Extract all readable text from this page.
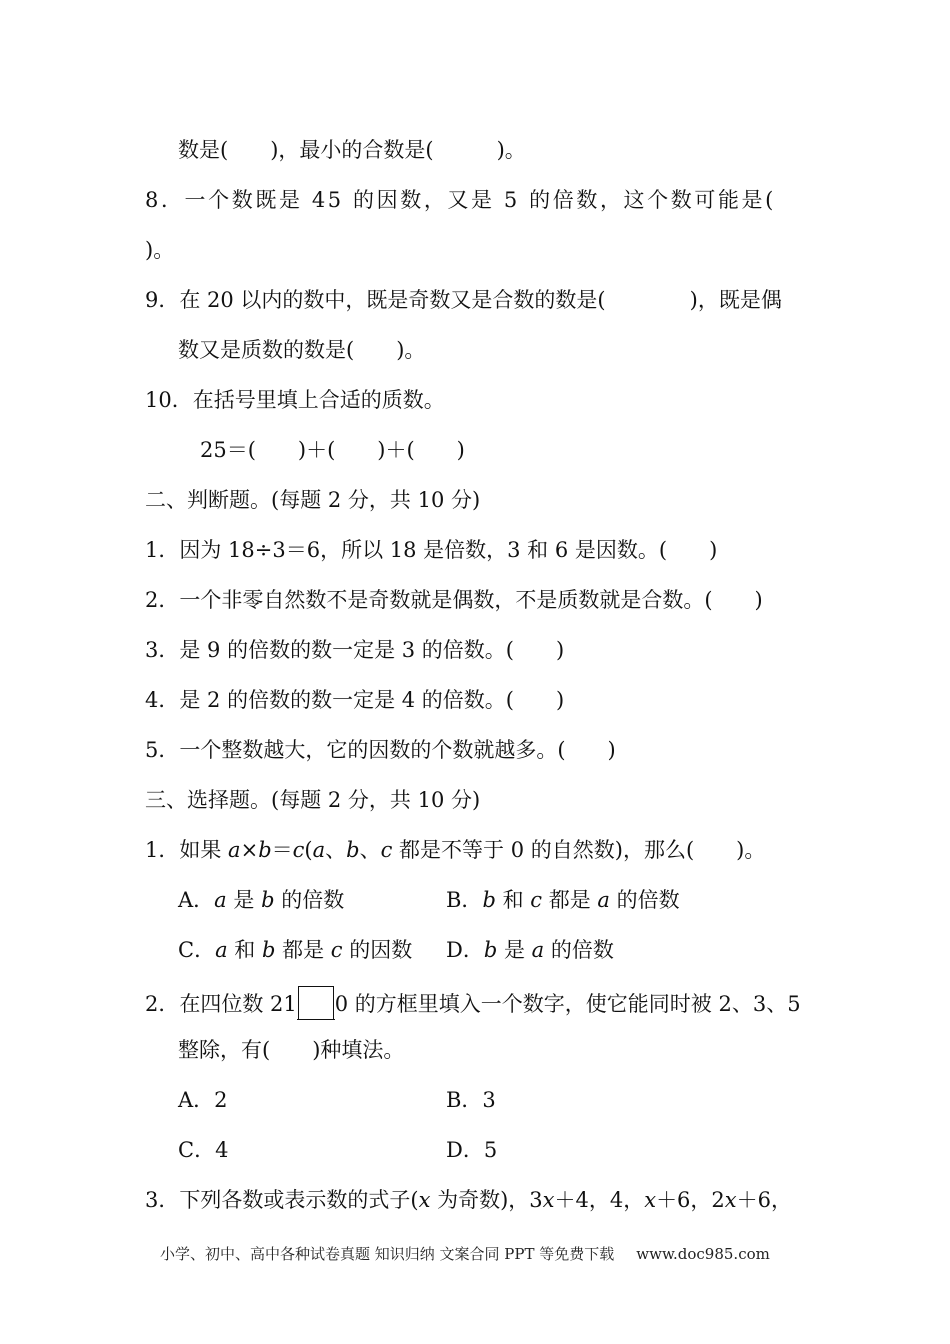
数是(　　)，最小的合数是(　　　)。
8．一个数既是 45 的因数，又是 5 的倍数，这个数可能是(
)。
9．在 20 以内的数中，既是奇数又是合数的数是(　　　　)，既是偶
数又是质数的数是(　　)。
10．在括号里填上合适的质数。
25＝(　　)＋(　　)＋(　　)
二、判断题。(每题 2 分，共 10 分)
1．因为 18÷3＝6，所以 18 是倍数，3 和 6 是因数。(　　)
2．一个非零自然数不是奇数就是偶数，不是质数就是合数。(　　)
3．是 9 的倍数的数一定是 3 的倍数。(　　)
4．是 2 的倍数的数一定是 4 的倍数。(　　)
5．一个整数越大，它的因数的个数就越多。(　　)
三、选择题。(每题 2 分，共 10 分)
1．如果 a×b＝c(a、b、c 都是不等于 0 的自然数)，那么(　　)。
A．a 是 b 的倍数	B．b 和 c 都是 a 的倍数
C．a 和 b 都是 c 的因数 D．b 是 a 的倍数
2．在四位数 21 0 的方框里填入一个数字，使它能同时被 2、3、5
整除，有(　　)种填法。
A．2	B．3
C．4	D．5
3．下列各数或表示数的式子(x 为奇数)，3x＋4，4，x＋6，2x＋6，
小学、初中、高中各种试卷真题 知识归纳 文案合同 PPT 等免费下载 www.doc985.com
